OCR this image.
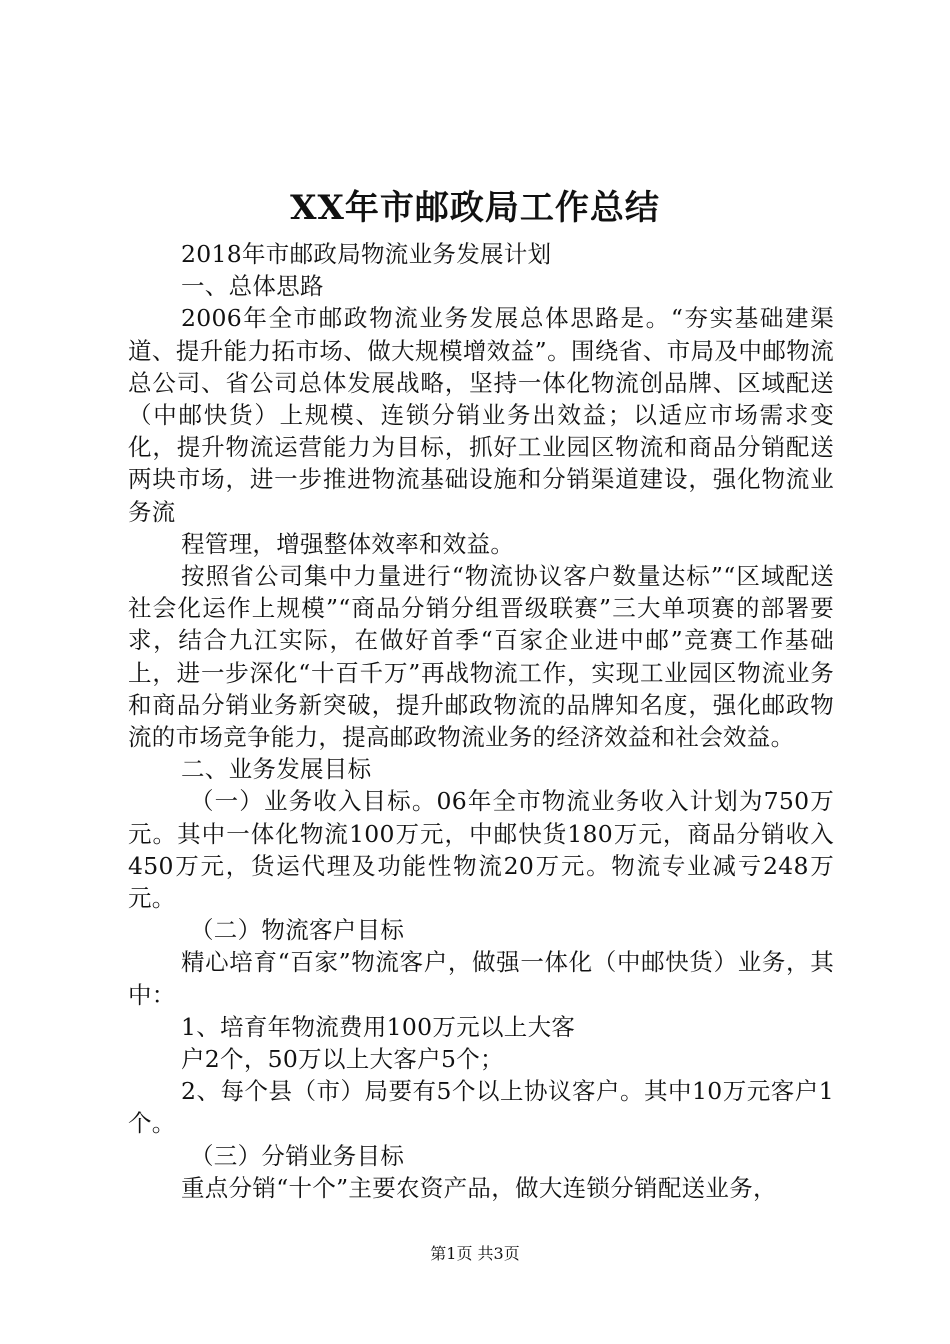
XX年市邮政局工作总结

2018年市邮政局物流业务发展计划

一、总体思路

2006年全市邮政物流业务发展总体思路是。“夯实基础建渠道、提升能力拓市场、做大规模增效益”。围绕省、市局及中邮物流总公司、省公司总体发展战略，坚持一体化物流创品牌、区域配送（中邮快货）上规模、连锁分销业务出效益；以适应市场需求变化，提升物流运营能力为目标，抓好工业园区物流和商品分销配送两块市场，进一步推进物流基础设施和分销渠道建设，强化物流业务流

程管理，增强整体效率和效益。

按照省公司集中力量进行“物流协议客户数量达标”“区域配送社会化运作上规模”“商品分销分组晋级联赛”三大单项赛的部署要求，结合九江实际，在做好首季“百家企业进中邮”竞赛工作基础上，进一步深化“十百千万”再战物流工作，实现工业园区物流业务和商品分销业务新突破，提升邮政物流的品牌知名度，强化邮政物流的市场竞争能力，提高邮政物流业务的经济效益和社会效益。

二、业务发展目标

（一）业务收入目标。06年全市物流业务收入计划为750万元。其中一体化物流100万元，中邮快货180万元，商品分销收入450万元，货运代理及功能性物流20万元。物流专业减亏248万元。

（二）物流客户目标

精心培育“百家”物流客户，做强一体化（中邮快货）业务，其中：

1、培育年物流费用100万元以上大客

户2个，50万以上大客户5个；

2、每个县（市）局要有5个以上协议客户。其中10万元客户1个。

（三）分销业务目标

重点分销“十个”主要农资产品，做大连锁分销配送业务，

第1页 共3页
